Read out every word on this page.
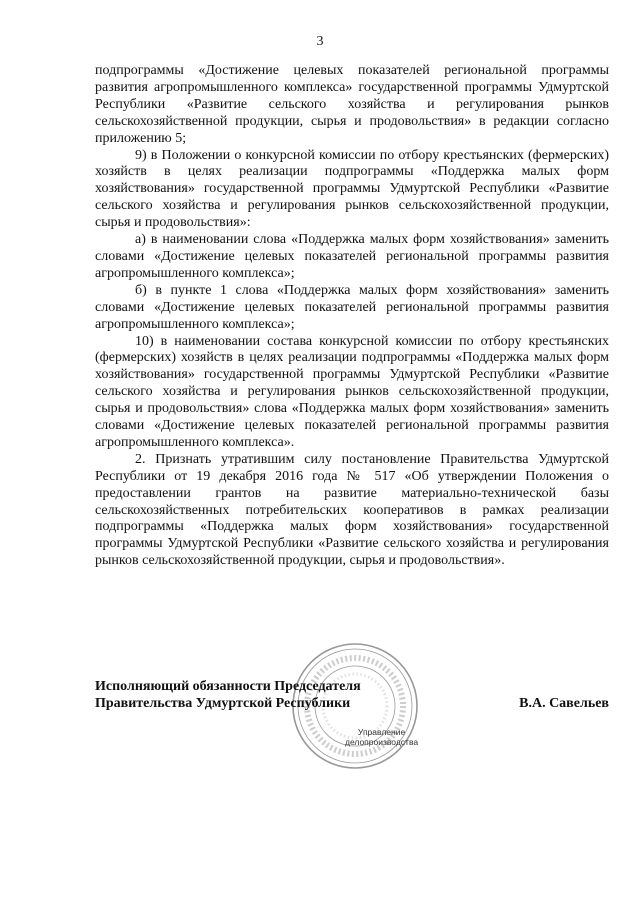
3

подпрограммы «Достижение целевых показателей региональной программы развития агропромышленного комплекса» государственной программы Удмуртской Республики «Развитие сельского хозяйства и регулирования рынков сельскохозяйственной продукции, сырья и продовольствия» в редакции согласно приложению 5;

9) в Положении о конкурсной комиссии по отбору крестьянских (фермерских) хозяйств в целях реализации подпрограммы «Поддержка малых форм хозяйствования» государственной программы Удмуртской Республики «Развитие сельского хозяйства и регулирования рынков сельскохозяйственной продукции, сырья и продовольствия»:

а) в наименовании слова «Поддержка малых форм хозяйствования» заменить словами «Достижение целевых показателей региональной программы развития агропромышленного комплекса»;

б) в пункте 1 слова «Поддержка малых форм хозяйствования» заменить словами «Достижение целевых показателей региональной программы развития агропромышленного комплекса»;

10) в наименовании состава конкурсной комиссии по отбору крестьянских (фермерских) хозяйств в целях реализации подпрограммы «Поддержка малых форм хозяйствования» государственной программы Удмуртской Республики «Развитие сельского хозяйства и регулирования рынков сельскохозяйственной продукции, сырья и продовольствия» слова «Поддержка малых форм хозяйствования» заменить словами «Достижение целевых показателей региональной программы развития агропромышленного комплекса».

2. Признать утратившим силу постановление Правительства Удмуртской Республики от 19 декабря 2016 года № 517 «Об утверждении Положения о предоставлении грантов на развитие материально-технической базы сельскохозяйственных потребительских кооперативов в рамках реализации подпрограммы «Поддержка малых форм хозяйствования» государственной программы Удмуртской Республики «Развитие сельского хозяйства и регулирования рынков сельскохозяйственной продукции, сырья и продовольствия».

Управление
делопроизводства
Исполняющий обязанности Председателя
Правительства Удмуртской Республики	В.А. Савельев
